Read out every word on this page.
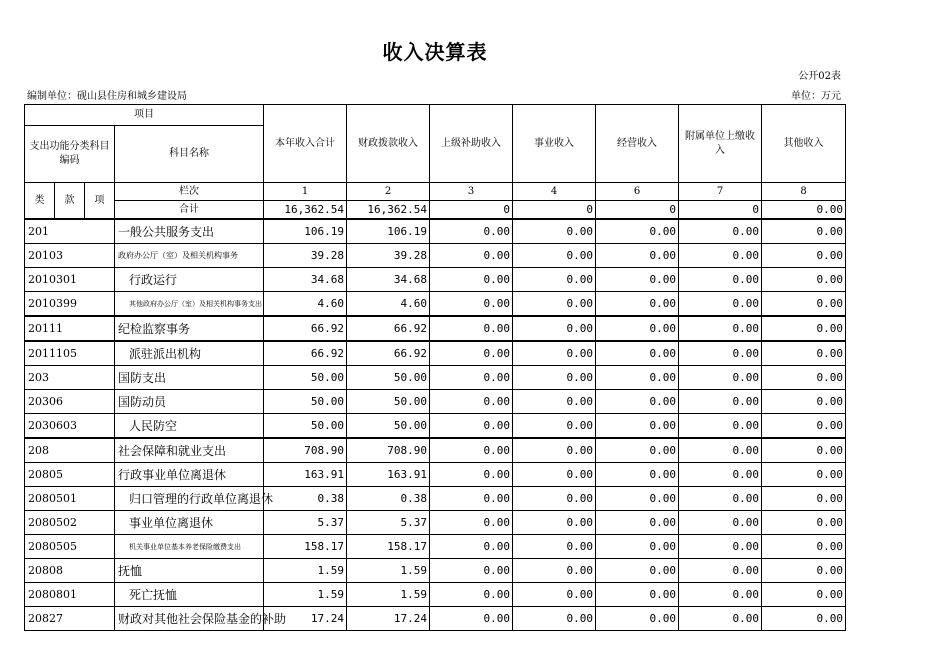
收入决算表
公开02表
编制单位：砚山县住房和城乡建设局	单位：万元
项目				本年收入合计	财政拨款收入	上级补助收入	事业收入	经营收入	附属单位上缴收入	其他收入
支出功能分类科目编码			科目名称							
类	款	项	栏次	1	2	3	4	6	7	8
			合计	16,362.54	16,362.54	0	0	0	0	0.00
201			一般公共服务支出	106.19	106.19	0.00	0.00	0.00	0.00	0.00
20103			政府办公厅（室）及相关机构事务	39.28	39.28	0.00	0.00	0.00	0.00	0.00
2010301			行政运行	34.68	34.68	0.00	0.00	0.00	0.00	0.00
2010399			其他政府办公厅（室）及相关机构事务支出	4.60	4.60	0.00	0.00	0.00	0.00	0.00
20111			纪检监察事务	66.92	66.92	0.00	0.00	0.00	0.00	0.00
2011105			派驻派出机构	66.92	66.92	0.00	0.00	0.00	0.00	0.00
203			国防支出	50.00	50.00	0.00	0.00	0.00	0.00	0.00
20306			国防动员	50.00	50.00	0.00	0.00	0.00	0.00	0.00
2030603			人民防空	50.00	50.00	0.00	0.00	0.00	0.00	0.00
208			社会保障和就业支出	708.90	708.90	0.00	0.00	0.00	0.00	0.00
20805			行政事业单位离退休	163.91	163.91	0.00	0.00	0.00	0.00	0.00
2080501			归口管理的行政单位离退休	0.38	0.38	0.00	0.00	0.00	0.00	0.00
2080502			事业单位离退休	5.37	5.37	0.00	0.00	0.00	0.00	0.00
2080505			机关事业单位基本养老保险缴费支出	158.17	158.17	0.00	0.00	0.00	0.00	0.00
20808			抚恤	1.59	1.59	0.00	0.00	0.00	0.00	0.00
2080801			死亡抚恤	1.59	1.59	0.00	0.00	0.00	0.00	0.00
20827			财政对其他社会保险基金的补助	17.24	17.24	0.00	0.00	0.00	0.00	0.00
